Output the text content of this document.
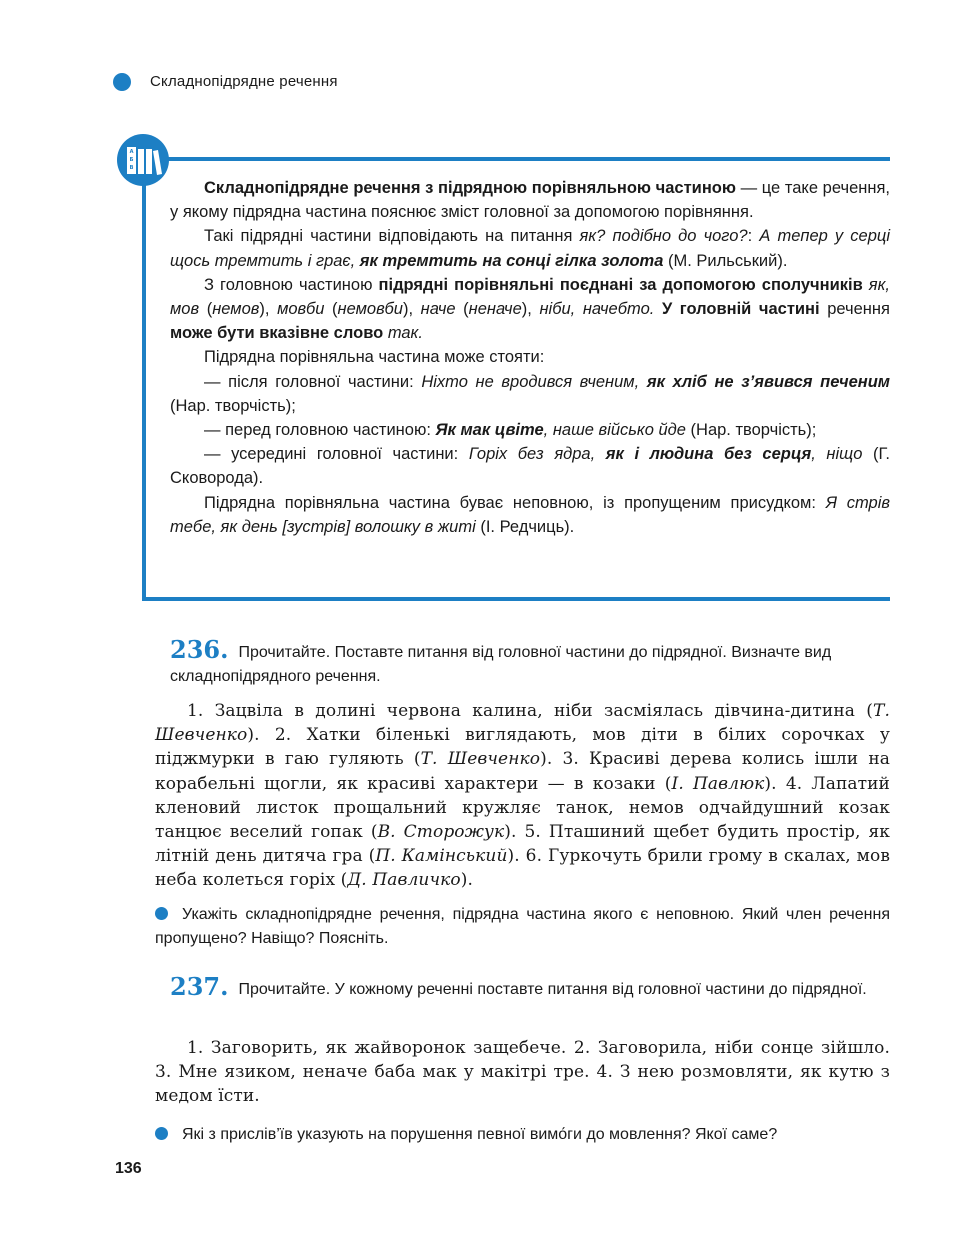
Складнопідрядне речення
А
Б
В

Складнопідрядне речення з підрядною порівняльною частиною — це таке речення, у якому підрядна частина пояснює зміст головної за допомогою порівняння.

Такі підрядні частини відповідають на питання як? подібно до чого?: А тепер у серці щось тремтить і грає, як тремтить на сонці гілка золота (М. Рильський).

З головною частиною підрядні порівняльні поєднані за допомогою сполучників як, мов (немов), мовби (немовби), наче (неначе), ніби, начебто. У головній частині речення може бути вказівне слово так.

Підрядна порівняльна частина може стояти:

— після головної частини: Ніхто не вродився вченим, як хліб не з’явився печеним (Нар. творчість);

— перед головною частиною: Як мак цвіте, наше військо йде (Нар. творчість);

— усередині головної частини: Горіх без ядра, як і людина без серця, ніщо (Г. Сковорода).

Підрядна порівняльна частина буває неповною, із пропущеним присудком: Я стрів тебе, як день [зустрів] волошку в житі (І. Редчиць).

236. Прочитайте. Поставте питання від головної частини до підрядної. Визначте вид складнопідрядного речення.

1. Зацвіла в долині червона калина, ніби засміялась дівчина-дитина (Т. Шевченко). 2. Хатки біленькі виглядають, мов діти в білих сорочках у піджмурки в гаю гуляють (Т. Шевченко). 3. Красиві дерева колись ішли на корабельні щогли, як красиві характери — в козаки (І. Павлюк). 4. Лапатий кленовий листок прощальний кружляє танок, немов одчайдушний козак танцює веселий гопак (В. Сторожук). 5. Пташиний щебет будить простір, як літній день дитяча гра (П. Камінський). 6. Гуркочуть брили грому в скалах, мов неба колеться горіх (Д. Павличко).

Укажіть складнопідрядне речення, підрядна частина якого є неповною. Який член речення пропущено? Навіщо? Поясніть.
237. Прочитайте. У кожному реченні поставте питання від головної частини до підрядної.

1. Заговорить, як жайворонок защебече. 2. Заговорила, ніби сонце зійшло. 3. Мне язиком, неначе баба мак у макітрі тре. 4. З нею розмовляти, як кутю з медом їсти.

Які з прислів’їв указують на порушення певної вимо́ги до мовлення? Якої саме?
136
